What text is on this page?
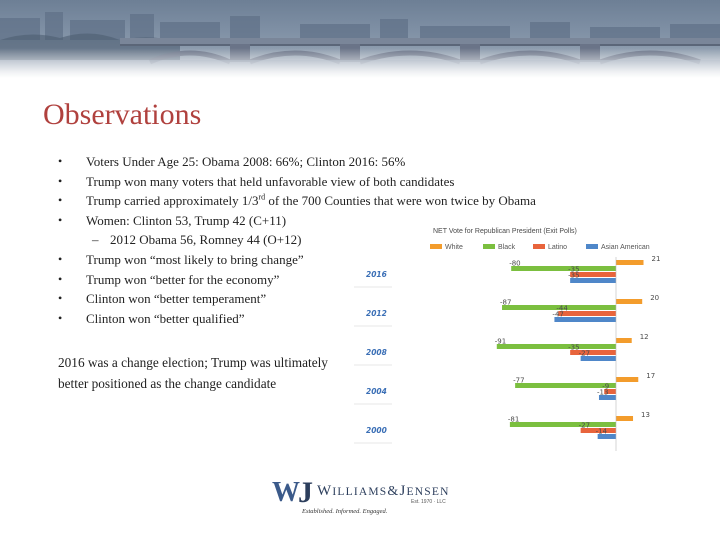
Observations
• Voters Under Age 25: Obama 2008: 66%; Clinton 2016: 56%
• Trump won many voters that held unfavorable view of both candidates
• Trump carried approximately 1/3rd of the 700 Counties that were won twice by Obama
• Women: Clinton 53, Trump 42 (C+11)
– 2012 Obama 56, Romney 44 (O+12)
• Trump won “most likely to bring change”
• Trump won “better for the economy”
• Clinton won “better temperament”
• Clinton won “better qualified”
2016 was a change election; Trump was ultimately better positioned as the change candidate
NET Vote for Republican President (Exit Polls)
White	Black	Latino	Asian American
2016
21
-80
-35
-35
2012
20
-87
-44
-47
2008
12
-91
-35
-27
2004
17
-77
-9
-13
2000
13
-81
-27
-14
W J WILLIAMS&JENSEN
Est. 1970 · LLC
Established. Informed. Engaged.
